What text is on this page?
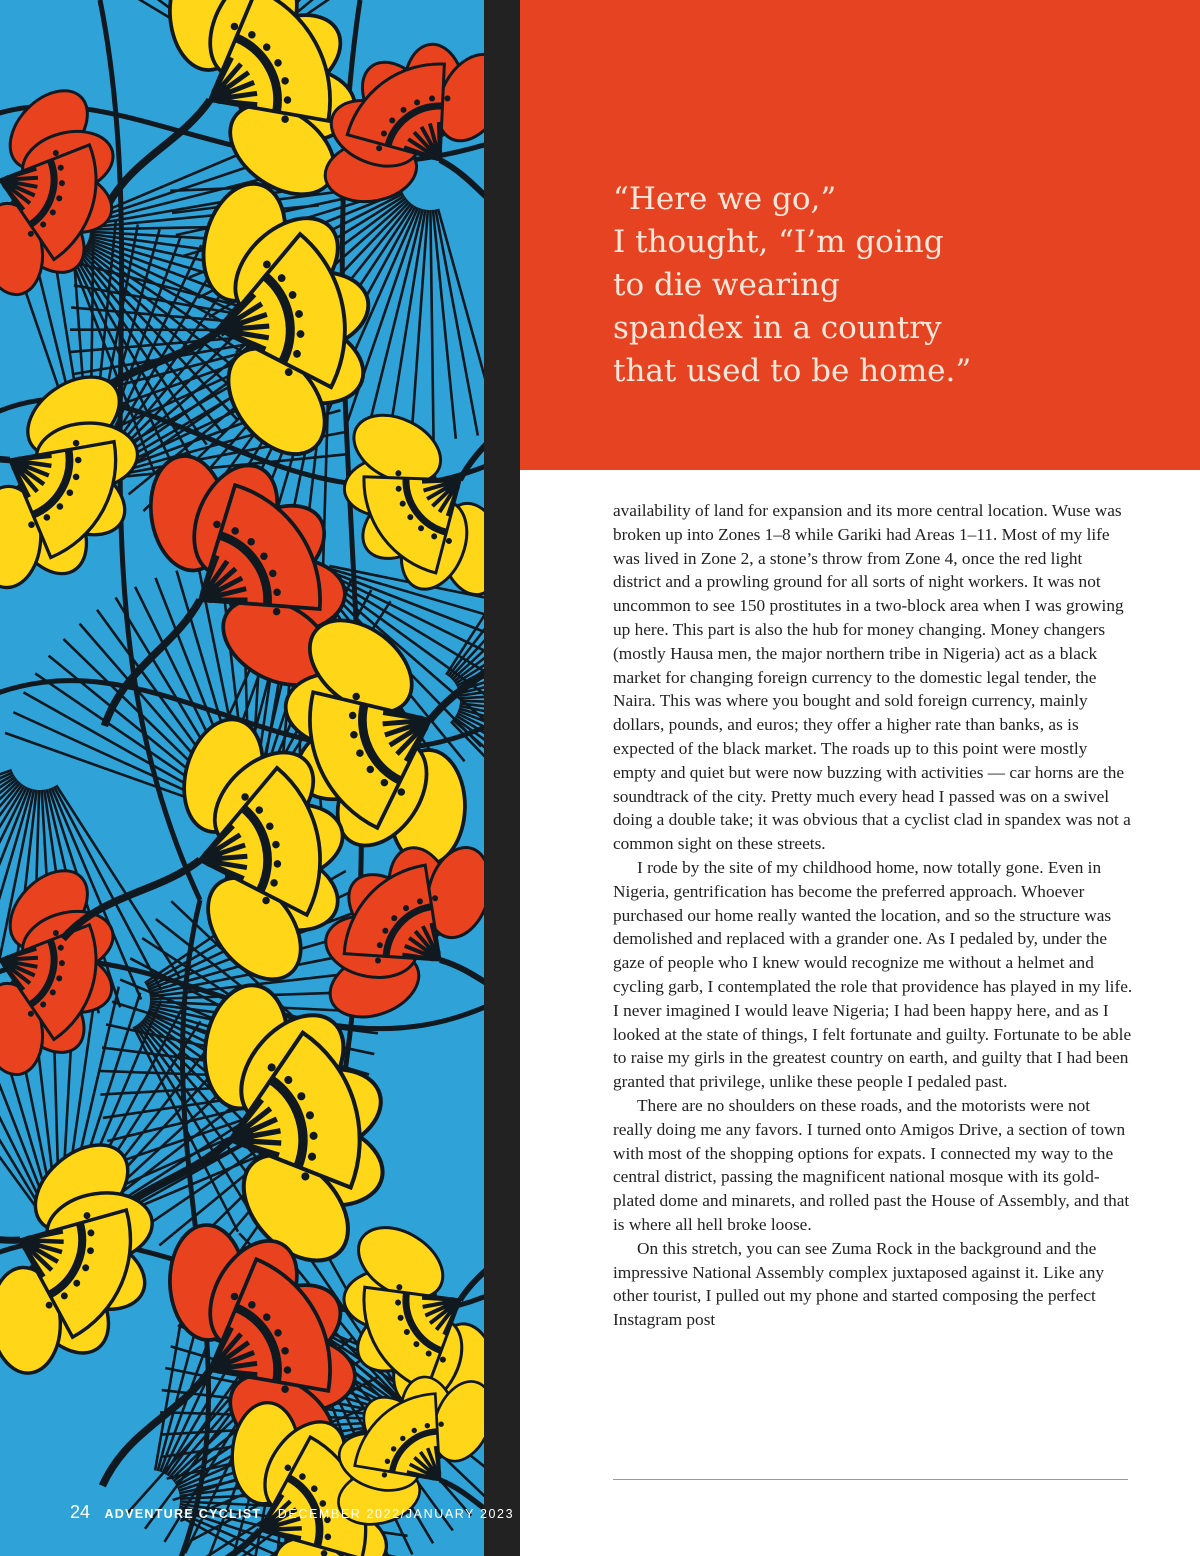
“Here we go,”
I thought, “I’m going
to die wearing
spandex in a country
that used to be home.”

availability of land for expansion and its more central location. Wuse was broken up into Zones 1–8 while Gariki had Areas 1–11. Most of my life was lived in Zone 2, a stone’s throw from Zone 4, once the red light district and a prowling ground for all sorts of night workers. It was not uncommon to see 150 prostitutes in a two-block area when I was growing up here. This part is also the hub for money changing. Money changers (mostly Hausa men, the major northern tribe in Nigeria) act as a black market for changing foreign currency to the domestic legal tender, the Naira. This was where you bought and sold foreign currency, mainly dollars, pounds, and euros; they offer a higher rate than banks, as is expected of the black market. The roads up to this point were mostly empty and quiet but were now buzzing with activities — car horns are the soundtrack of the city. Pretty much every head I passed was on a swivel doing a double take; it was obvious that a cyclist clad in spandex was not a common sight on these streets.

I rode by the site of my childhood home, now totally gone. Even in Nigeria, gentrification has become the preferred approach. Whoever purchased our home really wanted the location, and so the structure was demolished and replaced with a grander one. As I pedaled by, under the gaze of people who I knew would recognize me without a helmet and cycling garb, I contemplated the role that providence has played in my life. I never imagined I would leave Nigeria; I had been happy here, and as I looked at the state of things, I felt fortunate and guilty. Fortunate to be able to raise my girls in the greatest country on earth, and guilty that I had been granted that privilege, unlike these people I pedaled past.

There are no shoulders on these roads, and the motorists were not really doing me any favors. I turned onto Amigos Drive, a section of town with most of the shopping options for expats. I connected my way to the central district, passing the magnificent national mosque with its gold-plated dome and minarets, and rolled past the House of Assembly, and that is where all hell broke loose.

On this stretch, you can see Zuma Rock in the background and the impressive National Assembly complex juxtaposed against it. Like any other tourist, I pulled out my phone and started composing the perfect Instagram post

24 ADVENTURE CYCLIST DECEMBER 2022/JANUARY 2023
